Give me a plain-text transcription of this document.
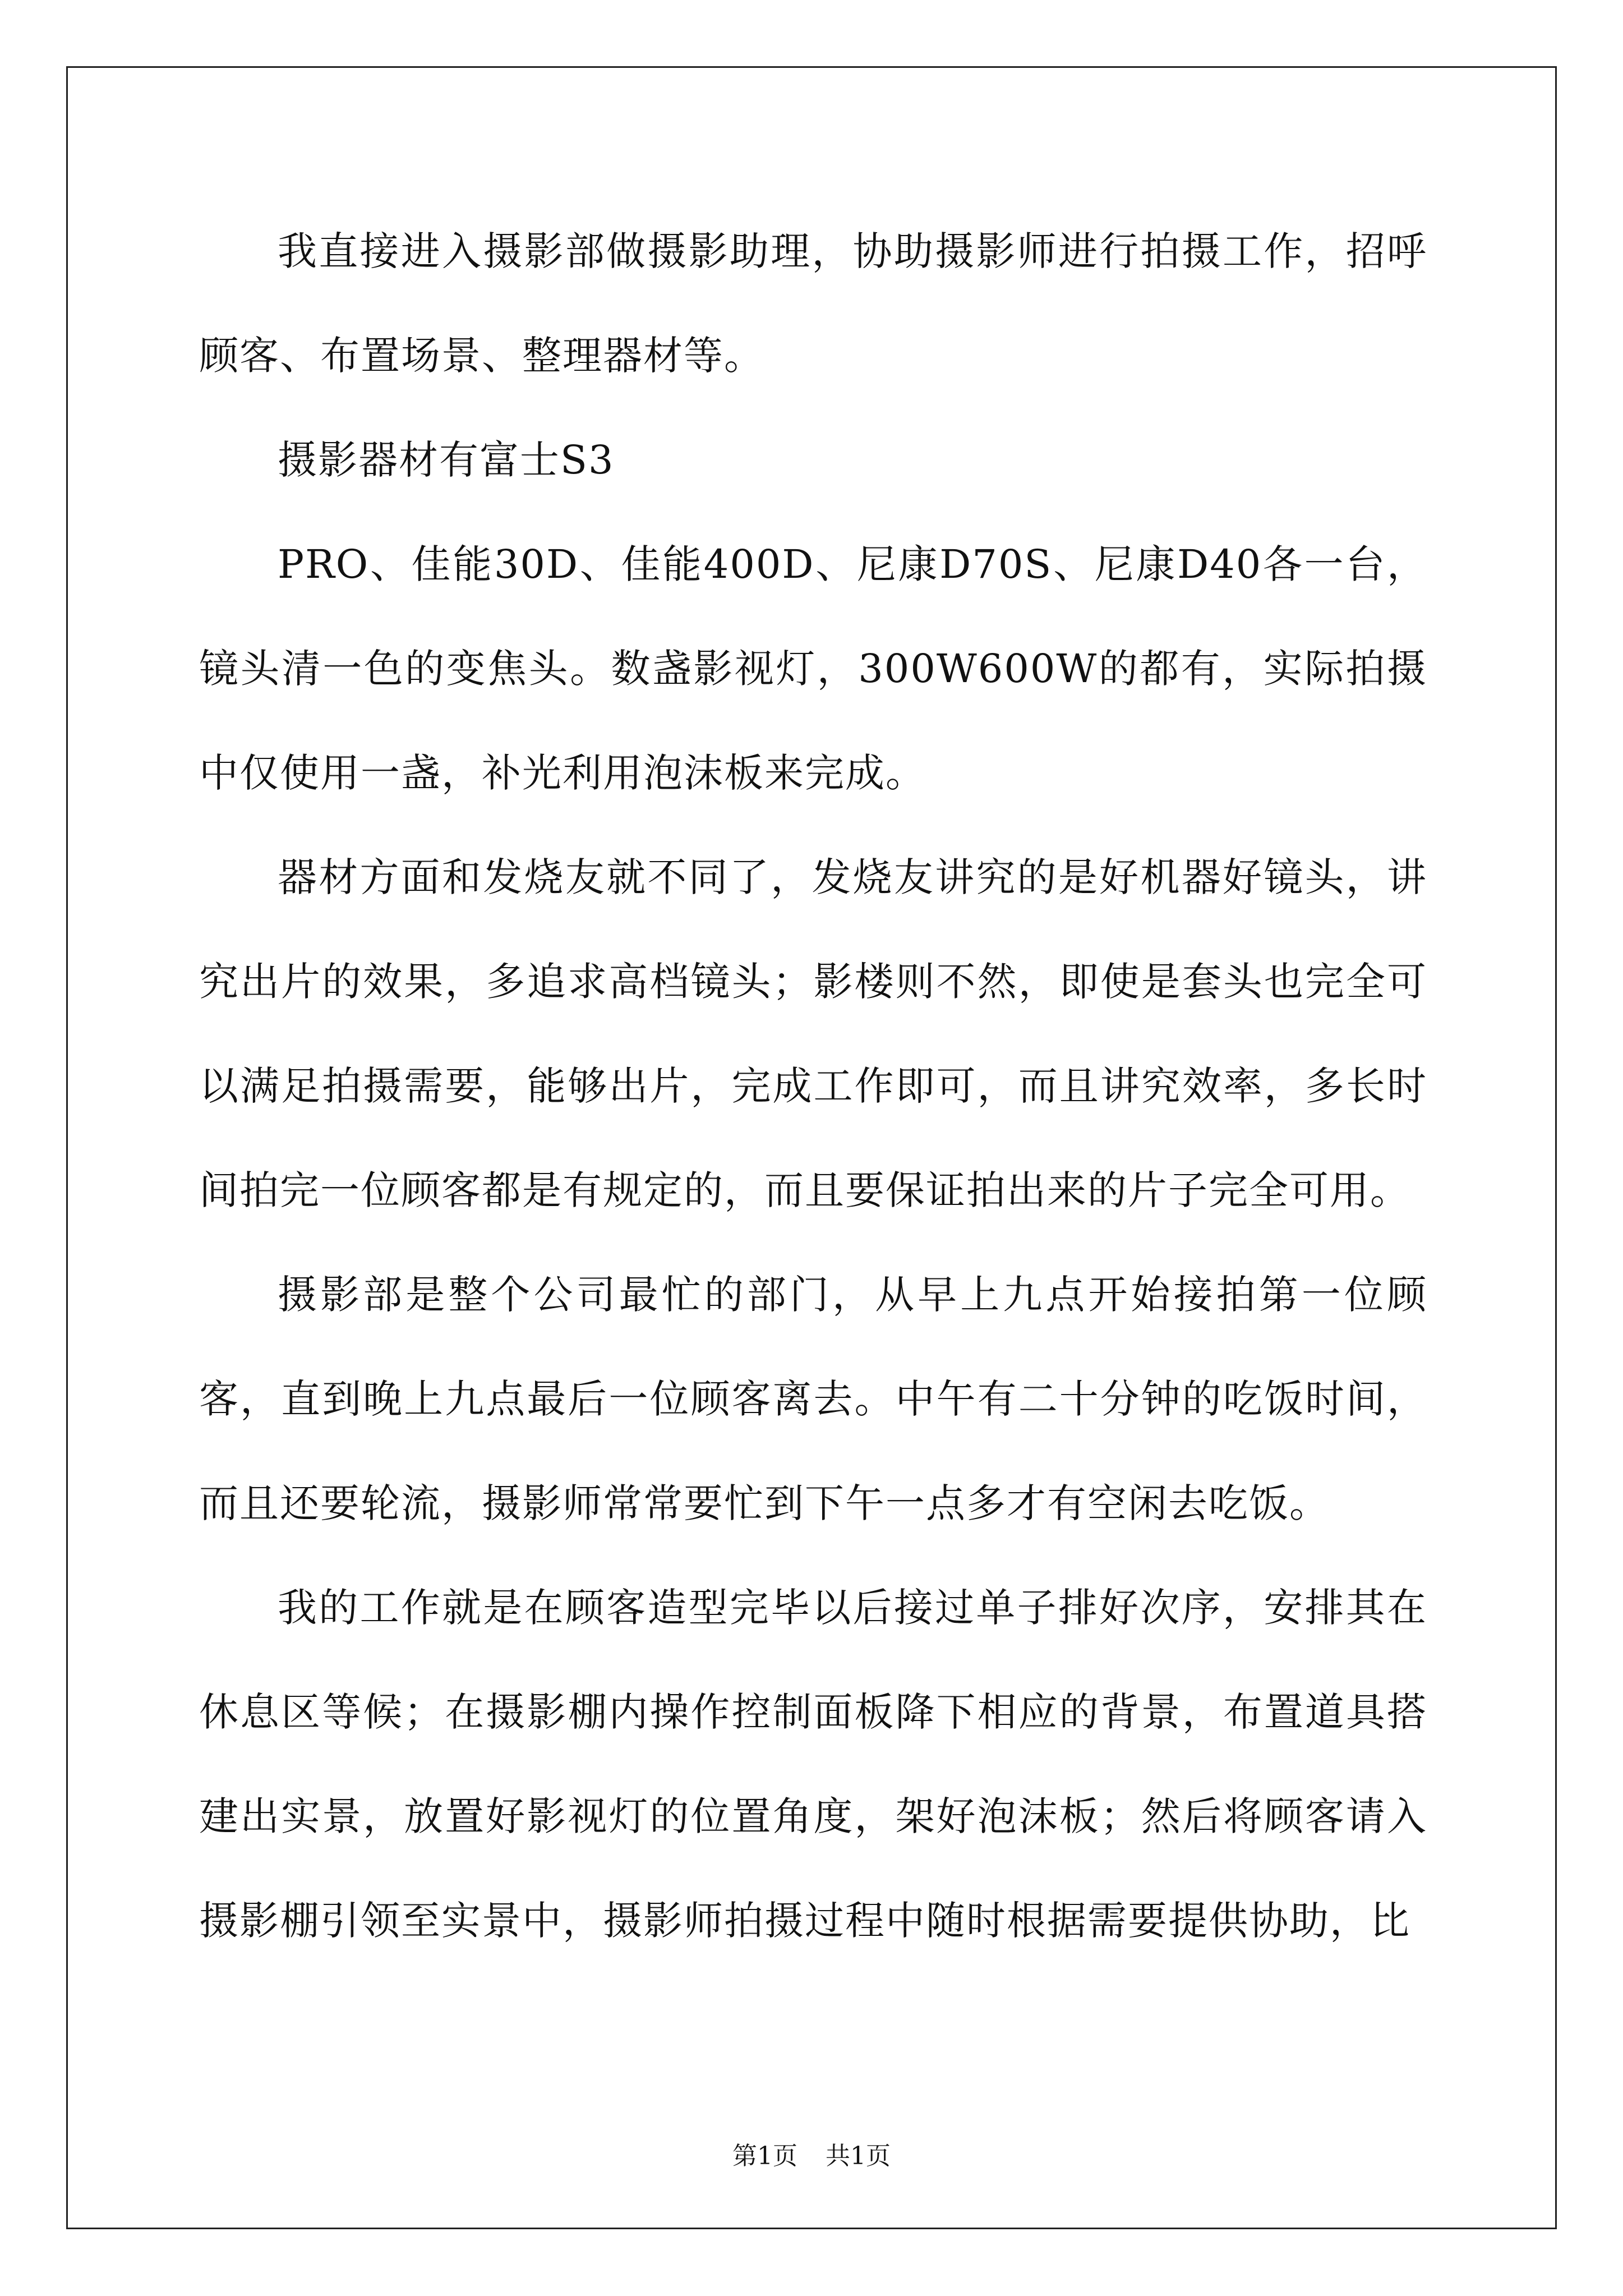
我直接进入摄影部做摄影助理，协助摄影师进行拍摄工作，招呼顾客、布置场景、整理器材等。

摄影器材有富士S3

PRO、佳能30D、佳能400D、尼康D70S、尼康D40各一台，镜头清一色的变焦头。数盏影视灯，300W600W的都有，实际拍摄中仅使用一盏，补光利用泡沫板来完成。

器材方面和发烧友就不同了，发烧友讲究的是好机器好镜头，讲究出片的效果，多追求高档镜头；影楼则不然，即使是套头也完全可以满足拍摄需要，能够出片，完成工作即可，而且讲究效率，多长时间拍完一位顾客都是有规定的，而且要保证拍出来的片子完全可用。

摄影部是整个公司最忙的部门，从早上九点开始接拍第一位顾客，直到晚上九点最后一位顾客离去。中午有二十分钟的吃饭时间，而且还要轮流，摄影师常常要忙到下午一点多才有空闲去吃饭。

我的工作就是在顾客造型完毕以后接过单子排好次序，安排其在休息区等候；在摄影棚内操作控制面板降下相应的背景，布置道具搭建出实景，放置好影视灯的位置角度，架好泡沫板；然后将顾客请入摄影棚引领至实景中，摄影师拍摄过程中随时根据需要提供协助，比

第1页 共1页
